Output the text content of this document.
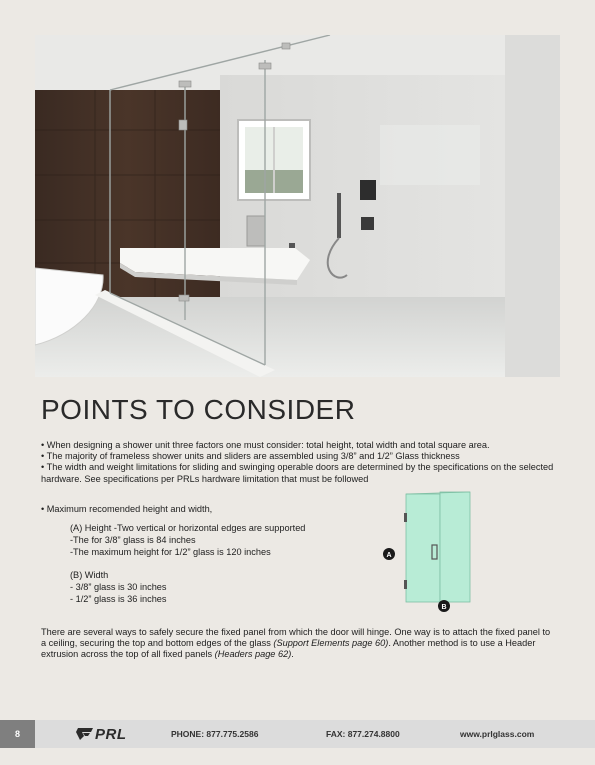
POINTS TO CONSIDER

• When designing a shower unit three factors one must consider: total height, total width and total square area.

• The majority of frameless shower units and sliders are assembled using 3/8” and 1/2” Glass thickness

• The width and weight limitations for sliding and swinging operable doors are determined by the specifications on the selected hardware. See specifications per PRLs hardware limitation that must be followed

• Maximum recomended height and width,
(A) Height -Two vertical or horizontal edges are supported
-The for 3/8” glass is 84 inches
-The maximum height for 1/2” glass is 120 inches
(B) Width
- 3/8” glass is 30 inches
- 1/2” glass is 36 inches
A
B

There are several ways to safely secure the fixed panel from which the door will hinge. One way is to attach the fixed panel to a ceiling, securing the top and bottom edges of the glass (Support Elements page 60). Another method is to use a Header extrusion across the top of all fixed panels (Headers page 62).

8	PRL	PHONE: 877.775.2586	FAX: 877.274.8800	www.prlglass.com
